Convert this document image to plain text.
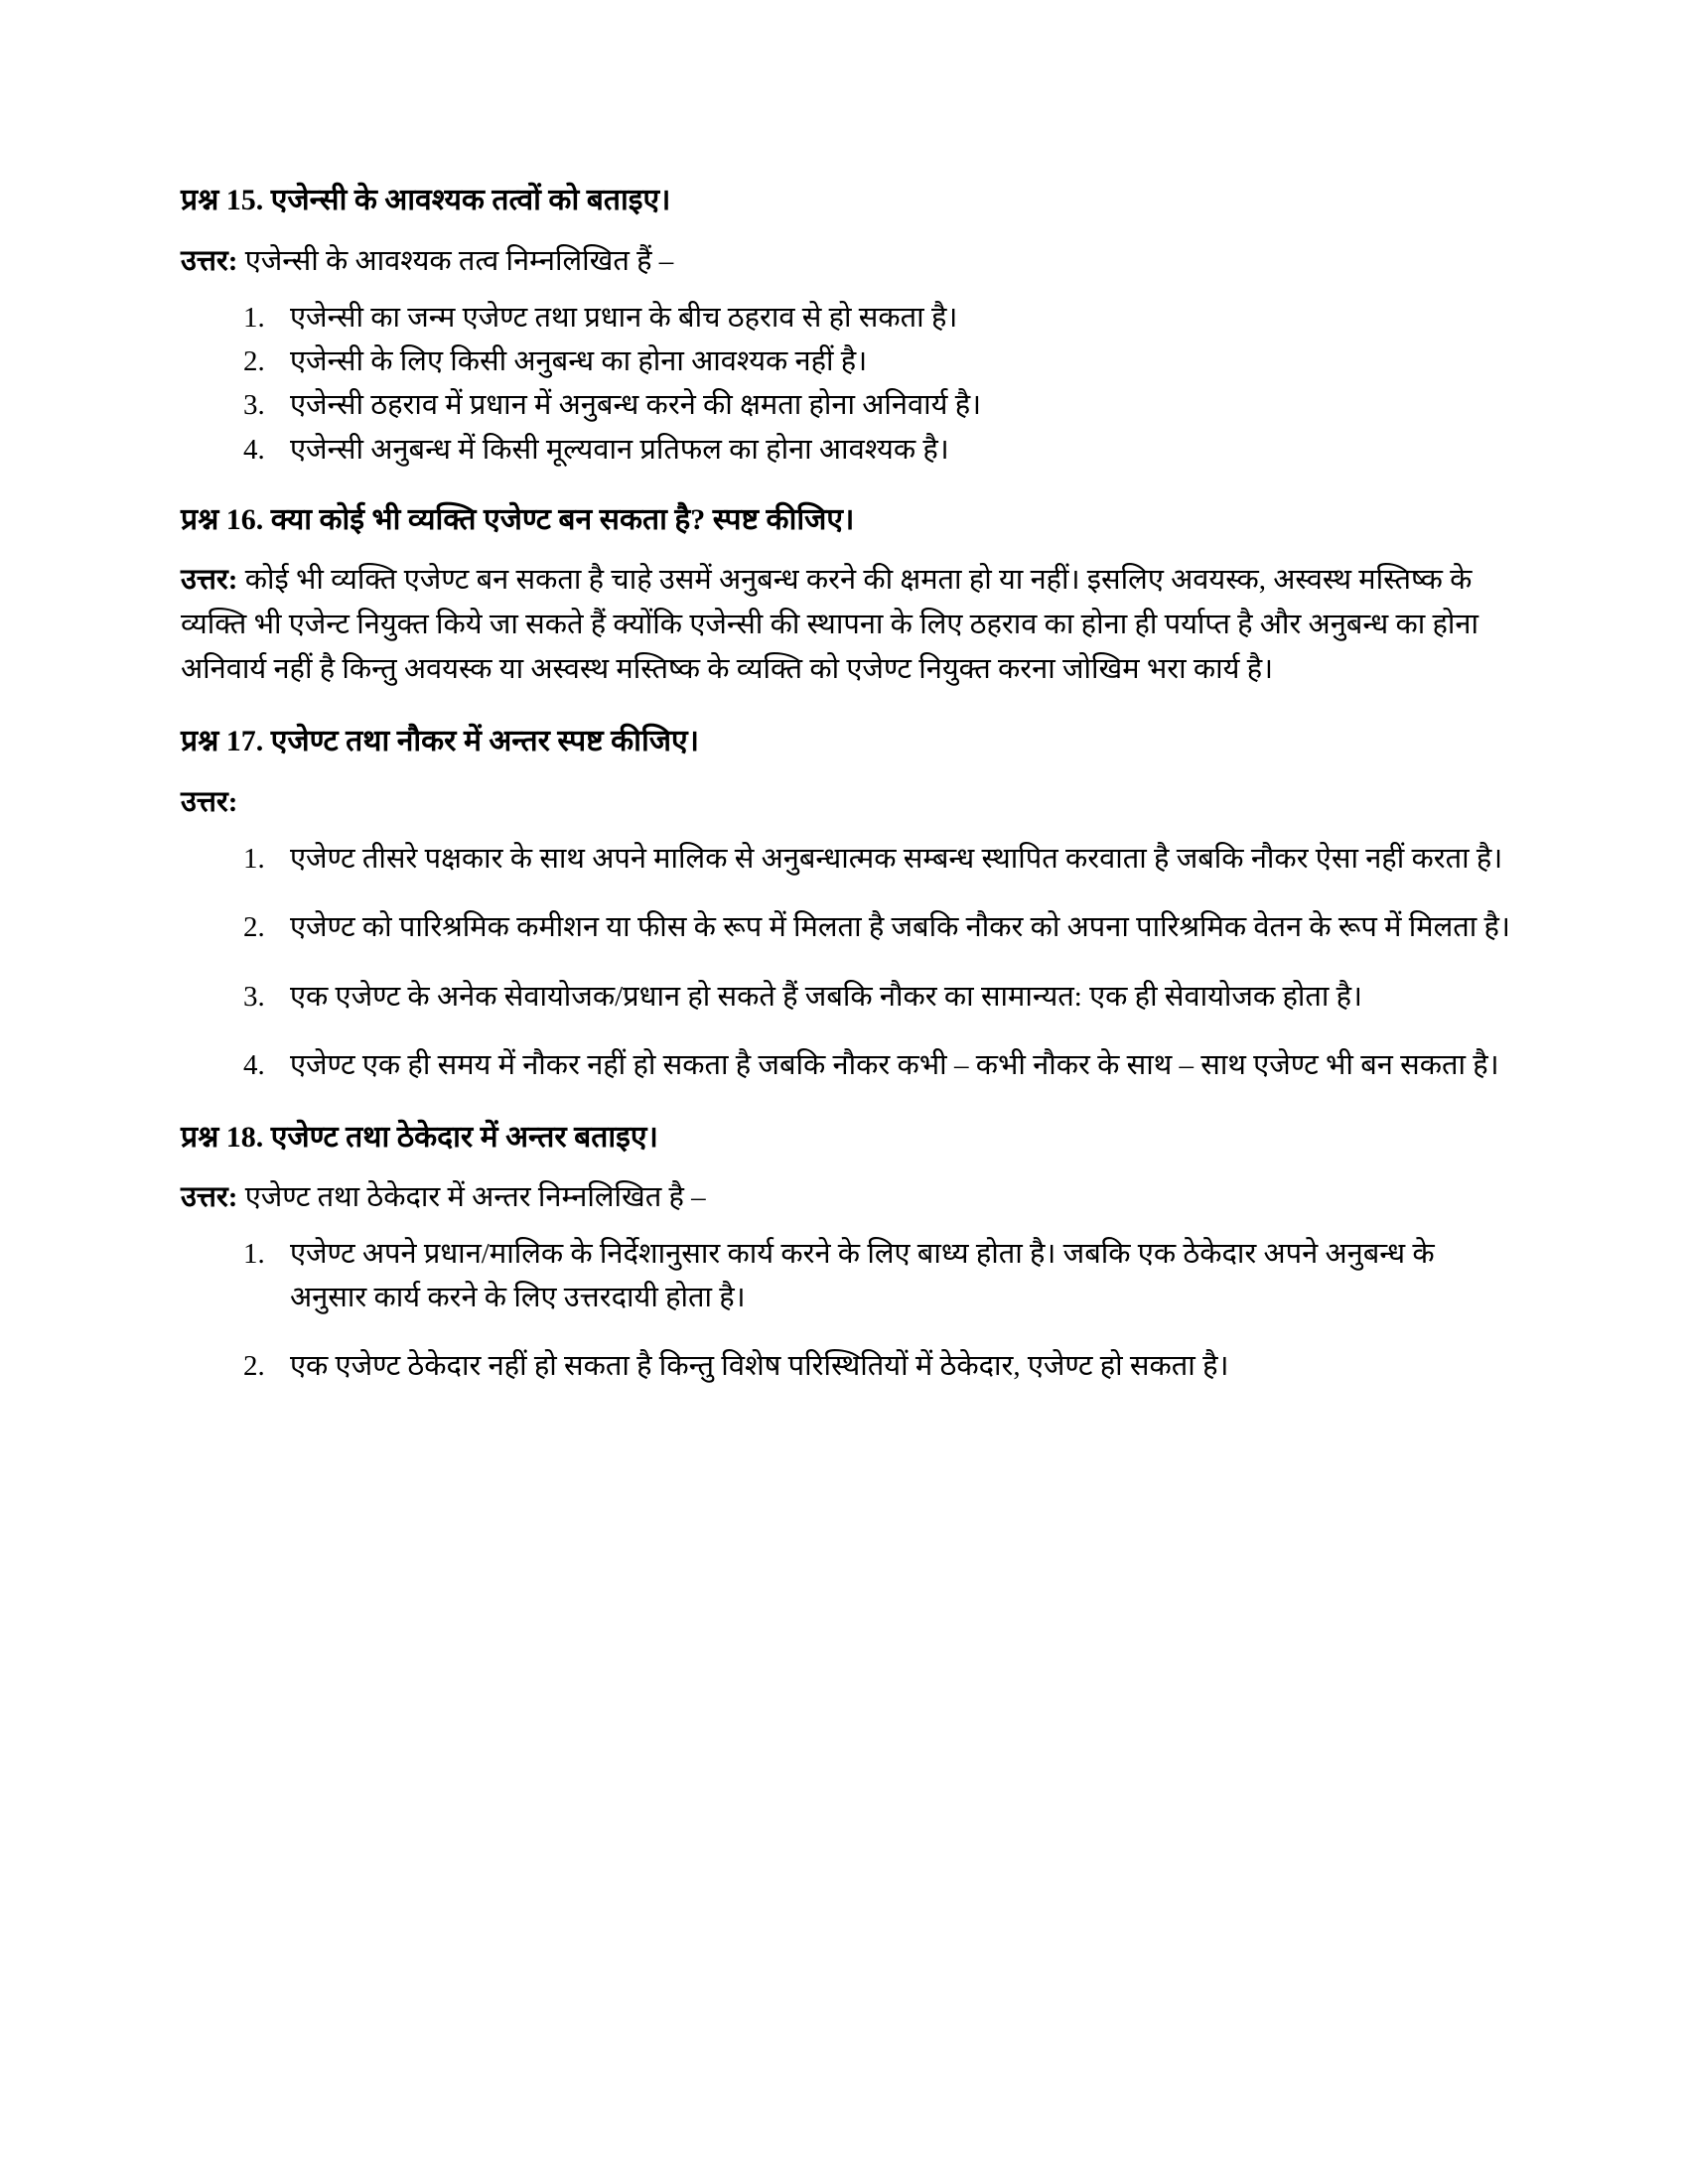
प्रश्न 15. एजेन्सी के आवश्यक तत्वों को बताइए।

उत्तर: एजेन्सी के आवश्यक तत्व निम्नलिखित हैं –

1. एजेन्सी का जन्म एजेण्ट तथा प्रधान के बीच ठहराव से हो सकता है।
2. एजेन्सी के लिए किसी अनुबन्ध का होना आवश्यक नहीं है।
3. एजेन्सी ठहराव में प्रधान में अनुबन्ध करने की क्षमता होना अनिवार्य है।
4. एजेन्सी अनुबन्ध में किसी मूल्यवान प्रतिफल का होना आवश्यक है।
प्रश्न 16. क्या कोई भी व्यक्ति एजेण्ट बन सकता है? स्पष्ट कीजिए।

उत्तर: कोई भी व्यक्ति एजेण्ट बन सकता है चाहे उसमें अनुबन्ध करने की क्षमता हो या नहीं। इसलिए अवयस्क, अस्वस्थ मस्तिष्क के व्यक्ति भी एजेन्ट नियुक्त किये जा सकते हैं क्योंकि एजेन्सी की स्थापना के लिए ठहराव का होना ही पर्याप्त है और अनुबन्ध का होना अनिवार्य नहीं है किन्तु अवयस्क या अस्वस्थ मस्तिष्क के व्यक्ति को एजेण्ट नियुक्त करना जोखिम भरा कार्य है।

प्रश्न 17. एजेण्ट तथा नौकर में अन्तर स्पष्ट कीजिए।

उत्तर:

1. एजेण्ट तीसरे पक्षकार के साथ अपने मालिक से अनुबन्धात्मक सम्बन्ध स्थापित करवाता है जबकि नौकर ऐसा नहीं करता है।
2. एजेण्ट को पारिश्रमिक कमीशन या फीस के रूप में मिलता है जबकि नौकर को अपना पारिश्रमिक वेतन के रूप में मिलता है।
3. एक एजेण्ट के अनेक सेवायोजक/प्रधान हो सकते हैं जबकि नौकर का सामान्यत: एक ही सेवायोजक होता है।
4. एजेण्ट एक ही समय में नौकर नहीं हो सकता है जबकि नौकर कभी – कभी नौकर के साथ – साथ एजेण्ट भी बन सकता है।
प्रश्न 18. एजेण्ट तथा ठेकेदार में अन्तर बताइए।

उत्तर: एजेण्ट तथा ठेकेदार में अन्तर निम्नलिखित है –

1. एजेण्ट अपने प्रधान/मालिक के निर्देशानुसार कार्य करने के लिए बाध्य होता है। जबकि एक ठेकेदार अपने अनुबन्ध के अनुसार कार्य करने के लिए उत्तरदायी होता है।
2. एक एजेण्ट ठेकेदार नहीं हो सकता है किन्तु विशेष परिस्थितियों में ठेकेदार, एजेण्ट हो सकता है।
